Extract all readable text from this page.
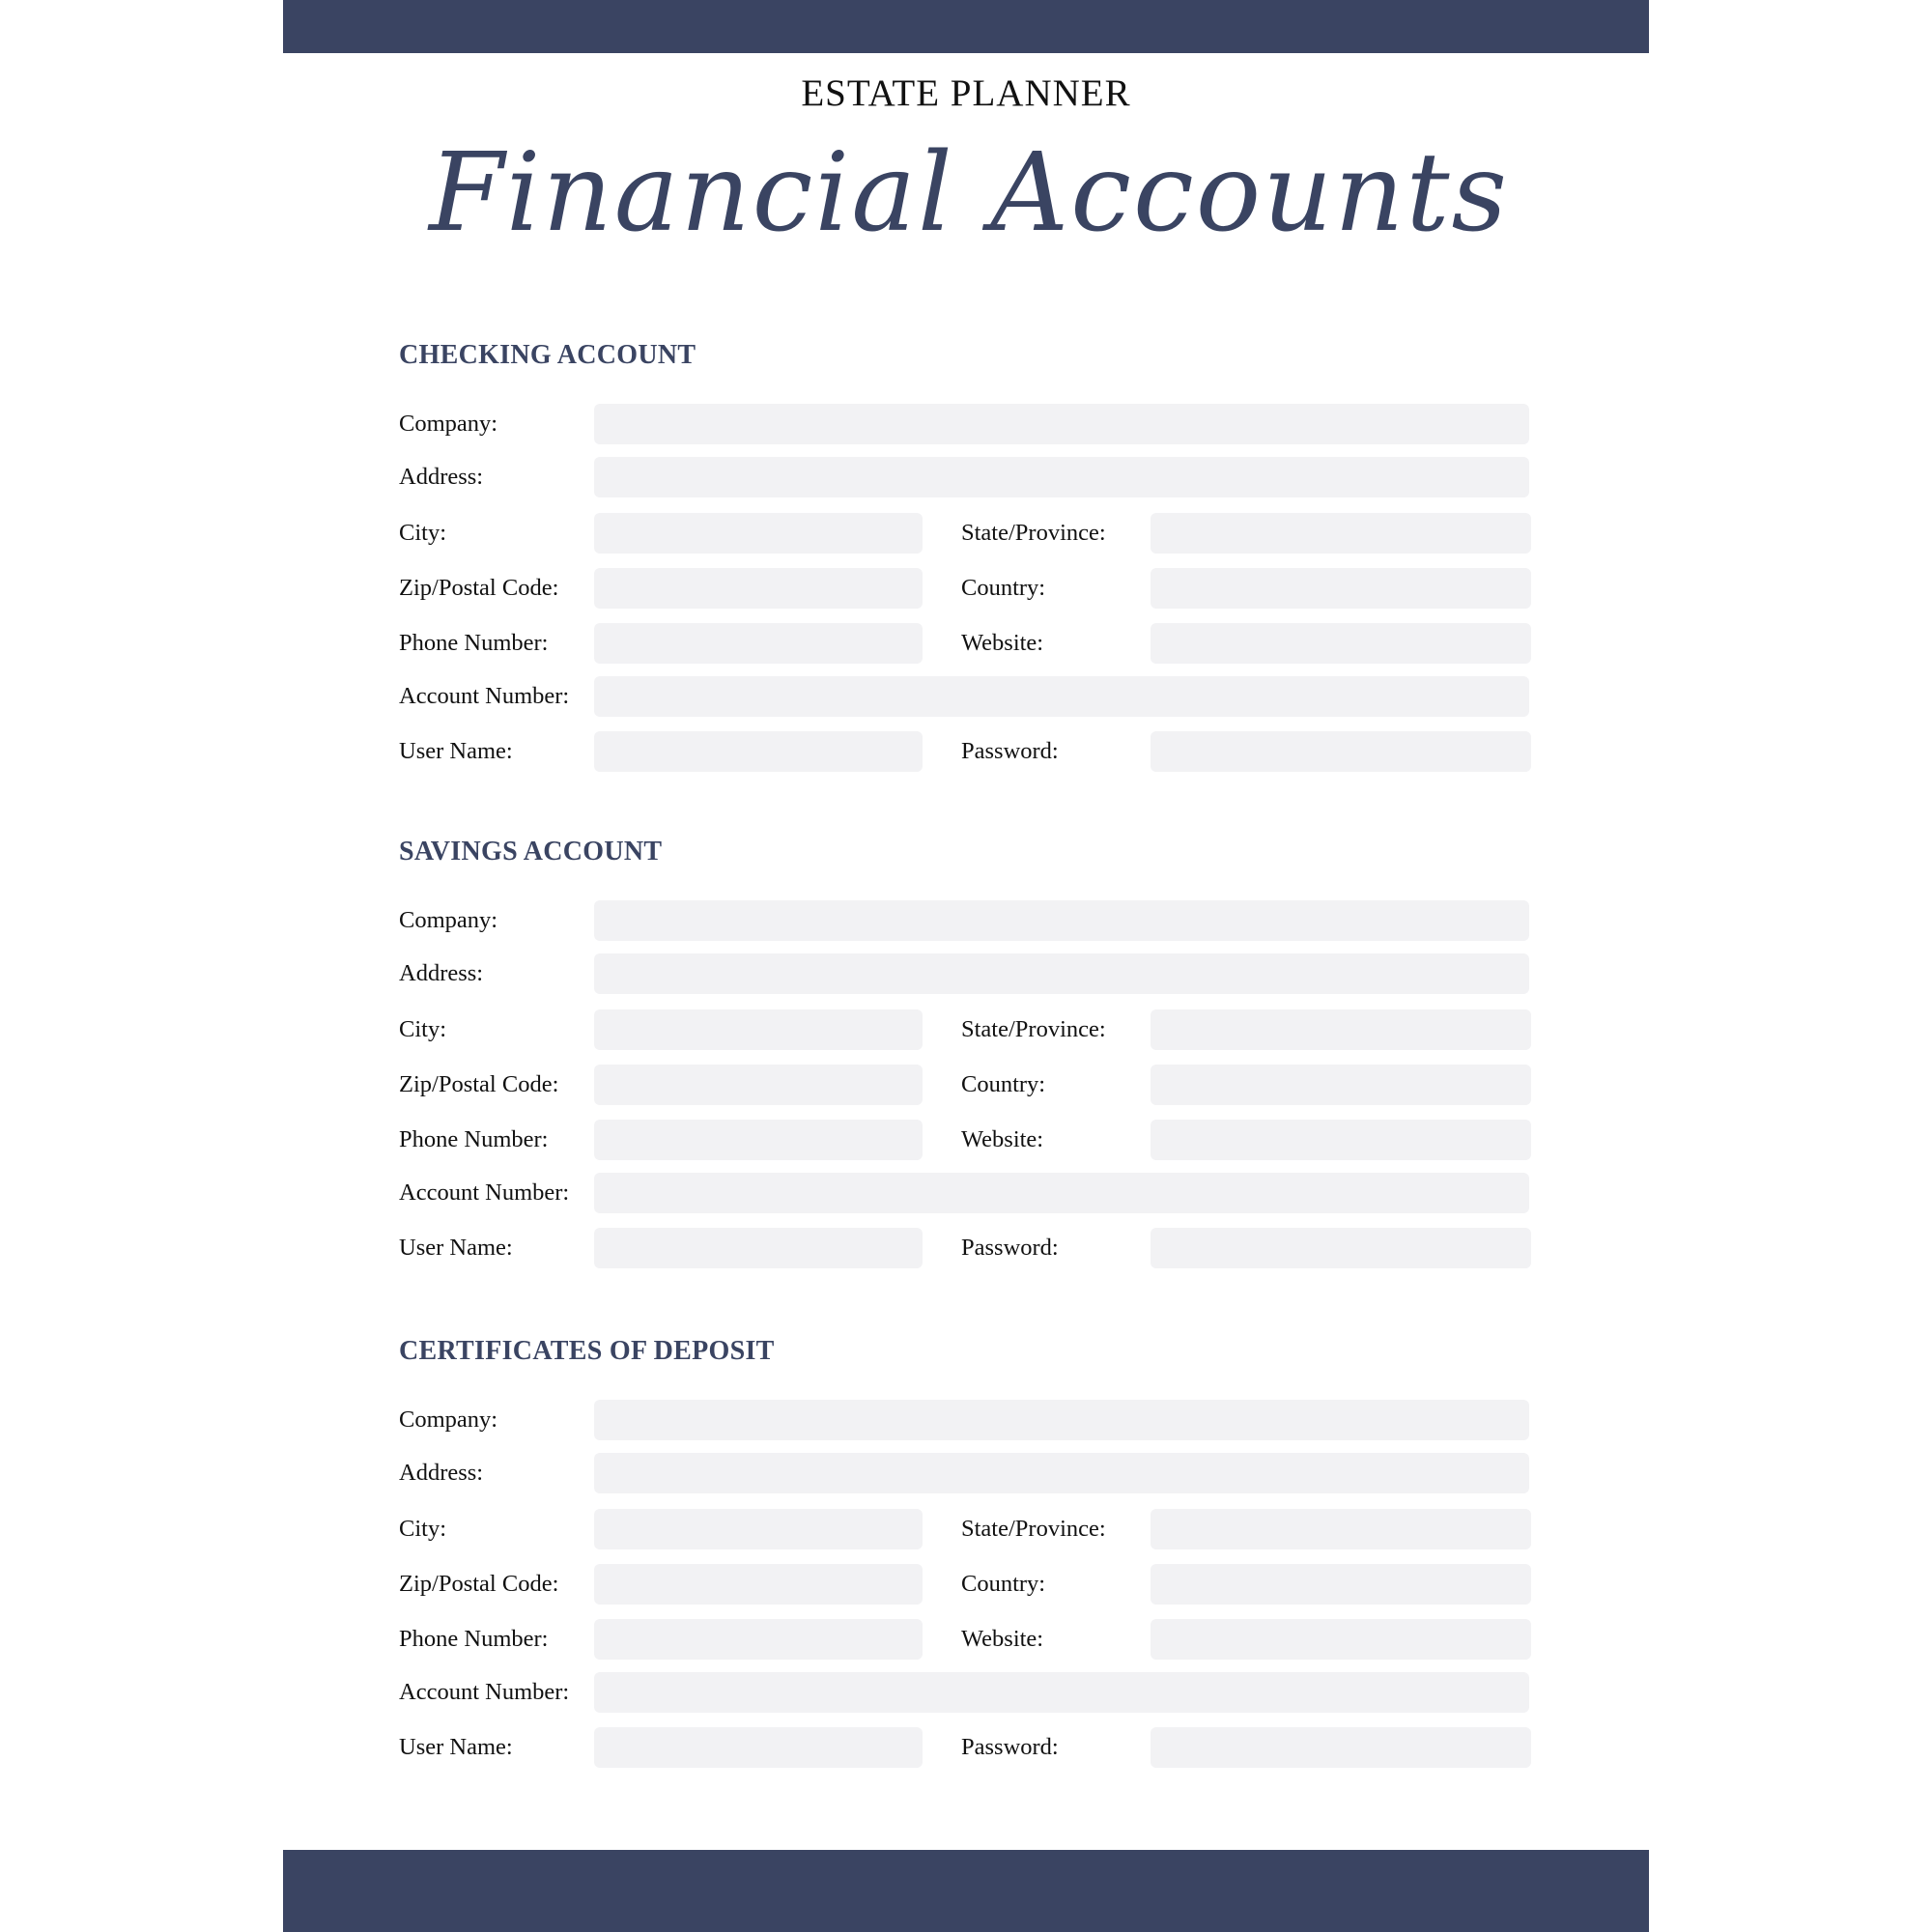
ESTATE PLANNER
Financial Accounts
CHECKING ACCOUNT
Company:
Address:
City:	State/Province:
Zip/Postal Code:	Country:
Phone Number:	Website:
Account Number:
User Name:	Password:
SAVINGS ACCOUNT
Company:
Address:
City:	State/Province:
Zip/Postal Code:	Country:
Phone Number:	Website:
Account Number:
User Name:	Password:
CERTIFICATES OF DEPOSIT
Company:
Address:
City:	State/Province:
Zip/Postal Code:	Country:
Phone Number:	Website:
Account Number:
User Name:	Password:
